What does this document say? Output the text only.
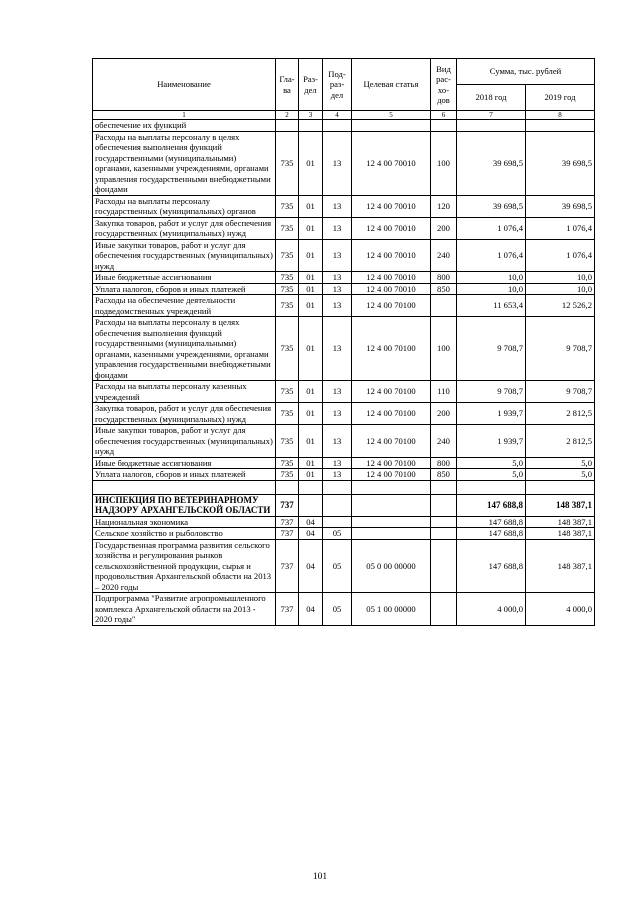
Наименование	Гла-ва	Раз-дел	Под-раз-дел	Целевая статья	Вид рас-хо-дов	Сумма, тыс. рублей	
						2018 год	2019 год
1	2	3	4	5	6	7	8
обеспечение их функций							
Расходы на выплаты персоналу в целях обеспечения выполнения функций государственными (муниципальными) органами, казенными учреждениями, органами управления государственными внебюджетными фондами	735	01	13	12 4 00 70010	100	39 698,5	39 698,5
Расходы на выплаты персоналу государственных (муниципальных) органов	735	01	13	12 4 00 70010	120	39 698,5	39 698,5
Закупка товаров, работ и услуг для обеспечения государственных (муниципальных) нужд	735	01	13	12 4 00 70010	200	1 076,4	1 076,4
Иные закупки товаров, работ и услуг для обеспечения государственных (муниципальных) нужд	735	01	13	12 4 00 70010	240	1 076,4	1 076,4
Иные бюджетные ассигнования	735	01	13	12 4 00 70010	800	10,0	10,0
Уплата налогов, сборов и иных платежей	735	01	13	12 4 00 70010	850	10,0	10,0
Расходы на обеспечение деятельности подведомственных учреждений	735	01	13	12 4 00 70100		11 653,4	12 526,2
Расходы на выплаты персоналу в целях обеспечения выполнения функций государственными (муниципальными) органами, казенными учреждениями, органами управления государственными внебюджетными фондами	735	01	13	12 4 00 70100	100	9 708,7	9 708,7
Расходы на выплаты персоналу казенных учреждений	735	01	13	12 4 00 70100	110	9 708,7	9 708,7
Закупка товаров, работ и услуг для обеспечения государственных (муниципальных) нужд	735	01	13	12 4 00 70100	200	1 939,7	2 812,5
Иные закупки товаров, работ и услуг для обеспечения государственных (муниципальных) нужд	735	01	13	12 4 00 70100	240	1 939,7	2 812,5
Иные бюджетные ассигнования	735	01	13	12 4 00 70100	800	5,0	5,0
Уплата налогов, сборов и иных платежей	735	01	13	12 4 00 70100	850	5,0	5,0

ИНСПЕКЦИЯ ПО ВЕТЕРИНАРНОМУ НАДЗОРУ АРХАНГЕЛЬСКОЙ ОБЛАСТИ	737					147 688,8	148 387,1
Национальная экономика	737	04				147 688,8	148 387,1
Сельское хозяйство и рыболовство	737	04	05			147 688,8	148 387,1
Государственная программа развития сельского хозяйства и регулирования рынков сельскохозяйственной продукции, сырья и продовольствия Архангельской области на 2013 – 2020 годы	737	04	05	05 0 00 00000		147 688,8	148 387,1
Подпрограмма "Развитие агропромышленного комплекса Архангельской области на 2013 - 2020 годы"	737	04	05	05 1 00 00000		4 000,0	4 000,0
101
